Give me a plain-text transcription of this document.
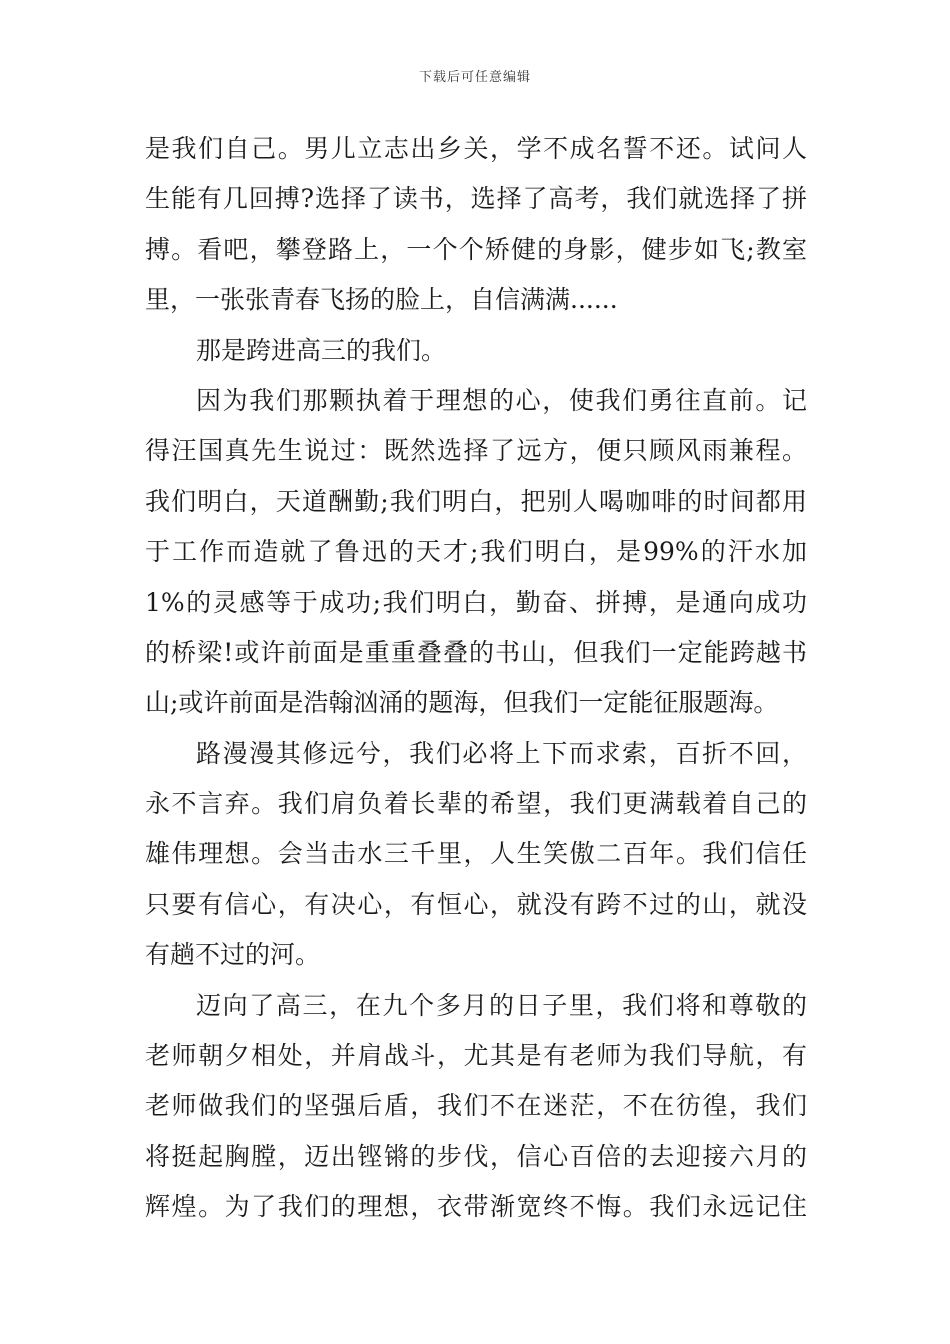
下载后可任意编辑
是我们自己。男儿立志出乡关，学不成名誓不还。试问人
生能有几回搏?选择了读书，选择了高考，我们就选择了拼
搏。看吧，攀登路上，一个个矫健的身影，健步如飞;教室
里，一张张青春飞扬的脸上，自信满满......
那是跨进高三的我们。
因为我们那颗执着于理想的心，使我们勇往直前。记
得汪国真先生说过：既然选择了远方，便只顾风雨兼程。
我们明白，天道酬勤;我们明白，把别人喝咖啡的时间都用
于工作而造就了鲁迅的天才;我们明白，是99%的汗水加
1%的灵感等于成功;我们明白，勤奋、拼搏，是通向成功
的桥梁!或许前面是重重叠叠的书山，但我们一定能跨越书
山;或许前面是浩翰汹涌的题海，但我们一定能征服题海。
路漫漫其修远兮，我们必将上下而求索，百折不回，
永不言弃。我们肩负着长辈的希望，我们更满载着自己的
雄伟理想。会当击水三千里，人生笑傲二百年。我们信任
只要有信心，有决心，有恒心，就没有跨不过的山，就没
有趟不过的河。
迈向了高三，在九个多月的日子里，我们将和尊敬的
老师朝夕相处，并肩战斗，尤其是有老师为我们导航，有
老师做我们的坚强后盾，我们不在迷茫，不在彷徨，我们
将挺起胸膛，迈出铿锵的步伐，信心百倍的去迎接六月的
辉煌。为了我们的理想，衣带渐宽终不悔。我们永远记住
